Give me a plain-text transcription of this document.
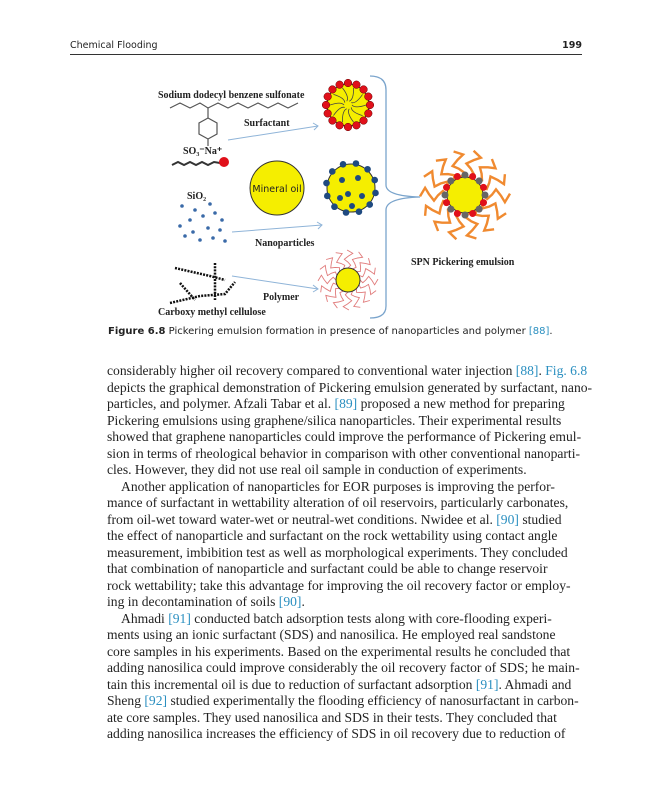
Chemical Flooding	199
Sodium dodecyl benzene sulfonate
Surfactant
SO₃⁻Na⁺
Mineral oil
SiO₂
Nanoparticles
Polymer
Carboxy methyl cellulose
SPN Pickering emulsion
Figure 6.8 Pickering emulsion formation in presence of nanoparticles and polymer [88].
considerably higher oil recovery compared to conventional water injection [88]. Fig. 6.8
depicts the graphical demonstration of Pickering emulsion generated by surfactant, nano-
particles, and polymer. Afzali Tabar et al. [89] proposed a new method for preparing
Pickering emulsions using graphene/silica nanoparticles. Their experimental results
showed that graphene nanoparticles could improve the performance of Pickering emul-
sion in terms of rheological behavior in comparison with other conventional nanoparti-
cles. However, they did not use real oil sample in conduction of experiments.
Another application of nanoparticles for EOR purposes is improving the perfor-
mance of surfactant in wettability alteration of oil reservoirs, particularly carbonates,
from oil-wet toward water-wet or neutral-wet conditions. Nwidee et al. [90] studied
the effect of nanoparticle and surfactant on the rock wettability using contact angle
measurement, imbibition test as well as morphological experiments. They concluded
that combination of nanoparticle and surfactant could be able to change reservoir
rock wettability; take this advantage for improving the oil recovery factor or employ-
ing in decontamination of soils [90].
Ahmadi [91] conducted batch adsorption tests along with core-flooding experi-
ments using an ionic surfactant (SDS) and nanosilica. He employed real sandstone
core samples in his experiments. Based on the experimental results he concluded that
adding nanosilica could improve considerably the oil recovery factor of SDS; he main-
tain this incremental oil is due to reduction of surfactant adsorption [91]. Ahmadi and
Sheng [92] studied experimentally the flooding efficiency of nanosurfactant in carbon-
ate core samples. They used nanosilica and SDS in their tests. They concluded that
adding nanosilica increases the efficiency of SDS in oil recovery due to reduction of
